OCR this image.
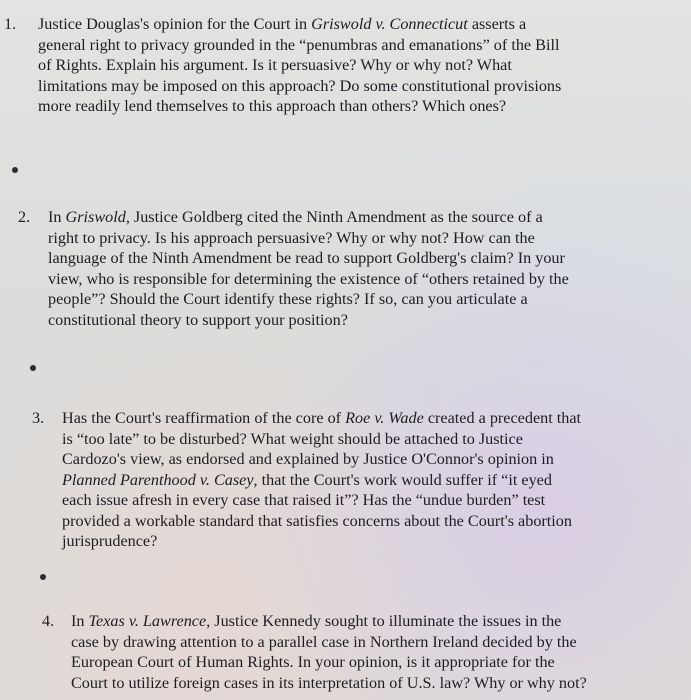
1. Justice Douglas's opinion for the Court in Griswold v. Connecticut asserts a
general right to privacy grounded in the “penumbras and emanations” of the Bill
of Rights. Explain his argument. Is it persuasive? Why or why not? What
limitations may be imposed on this approach? Do some constitutional provisions
more readily lend themselves to this approach than others? Which ones?
2. In Griswold, Justice Goldberg cited the Ninth Amendment as the source of a
right to privacy. Is his approach persuasive? Why or why not? How can the
language of the Ninth Amendment be read to support Goldberg's claim? In your
view, who is responsible for determining the existence of “others retained by the
people”? Should the Court identify these rights? If so, can you articulate a
constitutional theory to support your position?
3. Has the Court's reaffirmation of the core of Roe v. Wade created a precedent that
is “too late” to be disturbed? What weight should be attached to Justice
Cardozo's view, as endorsed and explained by Justice O'Connor's opinion in
Planned Parenthood v. Casey, that the Court's work would suffer if “it eyed
each issue afresh in every case that raised it”? Has the “undue burden” test
provided a workable standard that satisfies concerns about the Court's abortion
jurisprudence?
4. In Texas v. Lawrence, Justice Kennedy sought to illuminate the issues in the
case by drawing attention to a parallel case in Northern Ireland decided by the
European Court of Human Rights. In your opinion, is it appropriate for the
Court to utilize foreign cases in its interpretation of U.S. law? Why or why not?
